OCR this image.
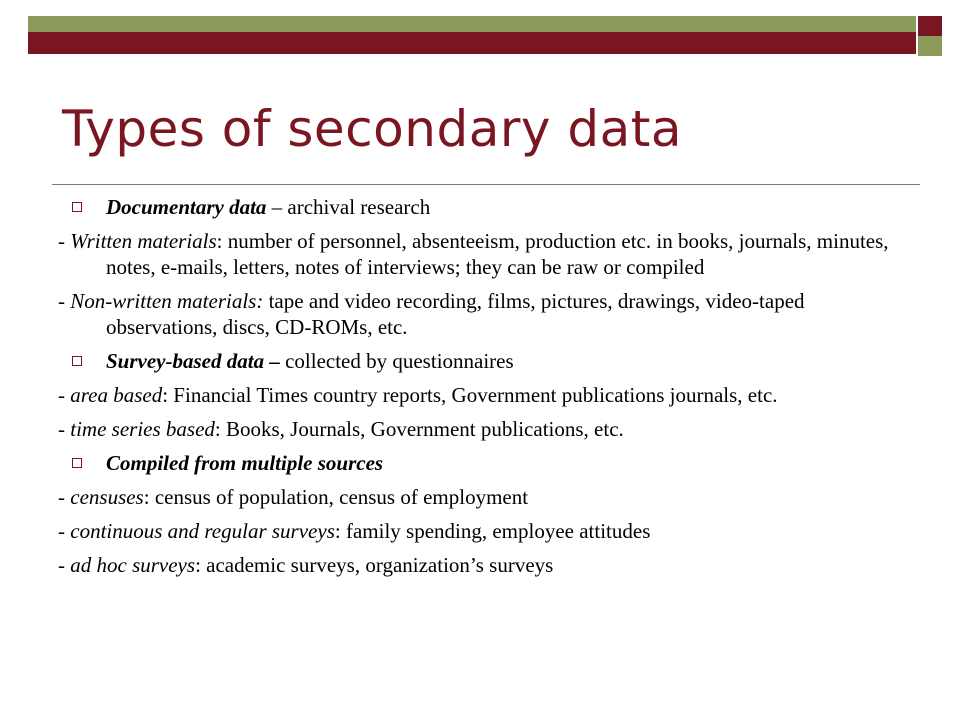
Types of secondary data
Documentary data – archival research
- Written materials: number of personnel, absenteeism, production etc. in books, journals, minutes, notes, e-mails, letters, notes of interviews; they can be raw or compiled
- Non-written materials: tape and video recording, films, pictures, drawings, video-taped observations, discs, CD-ROMs, etc.
Survey-based data – collected by questionnaires
- area based: Financial Times country reports, Government publications journals, etc.
- time series based: Books, Journals, Government publications, etc.
Compiled from multiple sources
- censuses: census of population, census of employment
- continuous and regular surveys: family spending, employee attitudes
- ad hoc surveys: academic surveys, organization’s surveys
